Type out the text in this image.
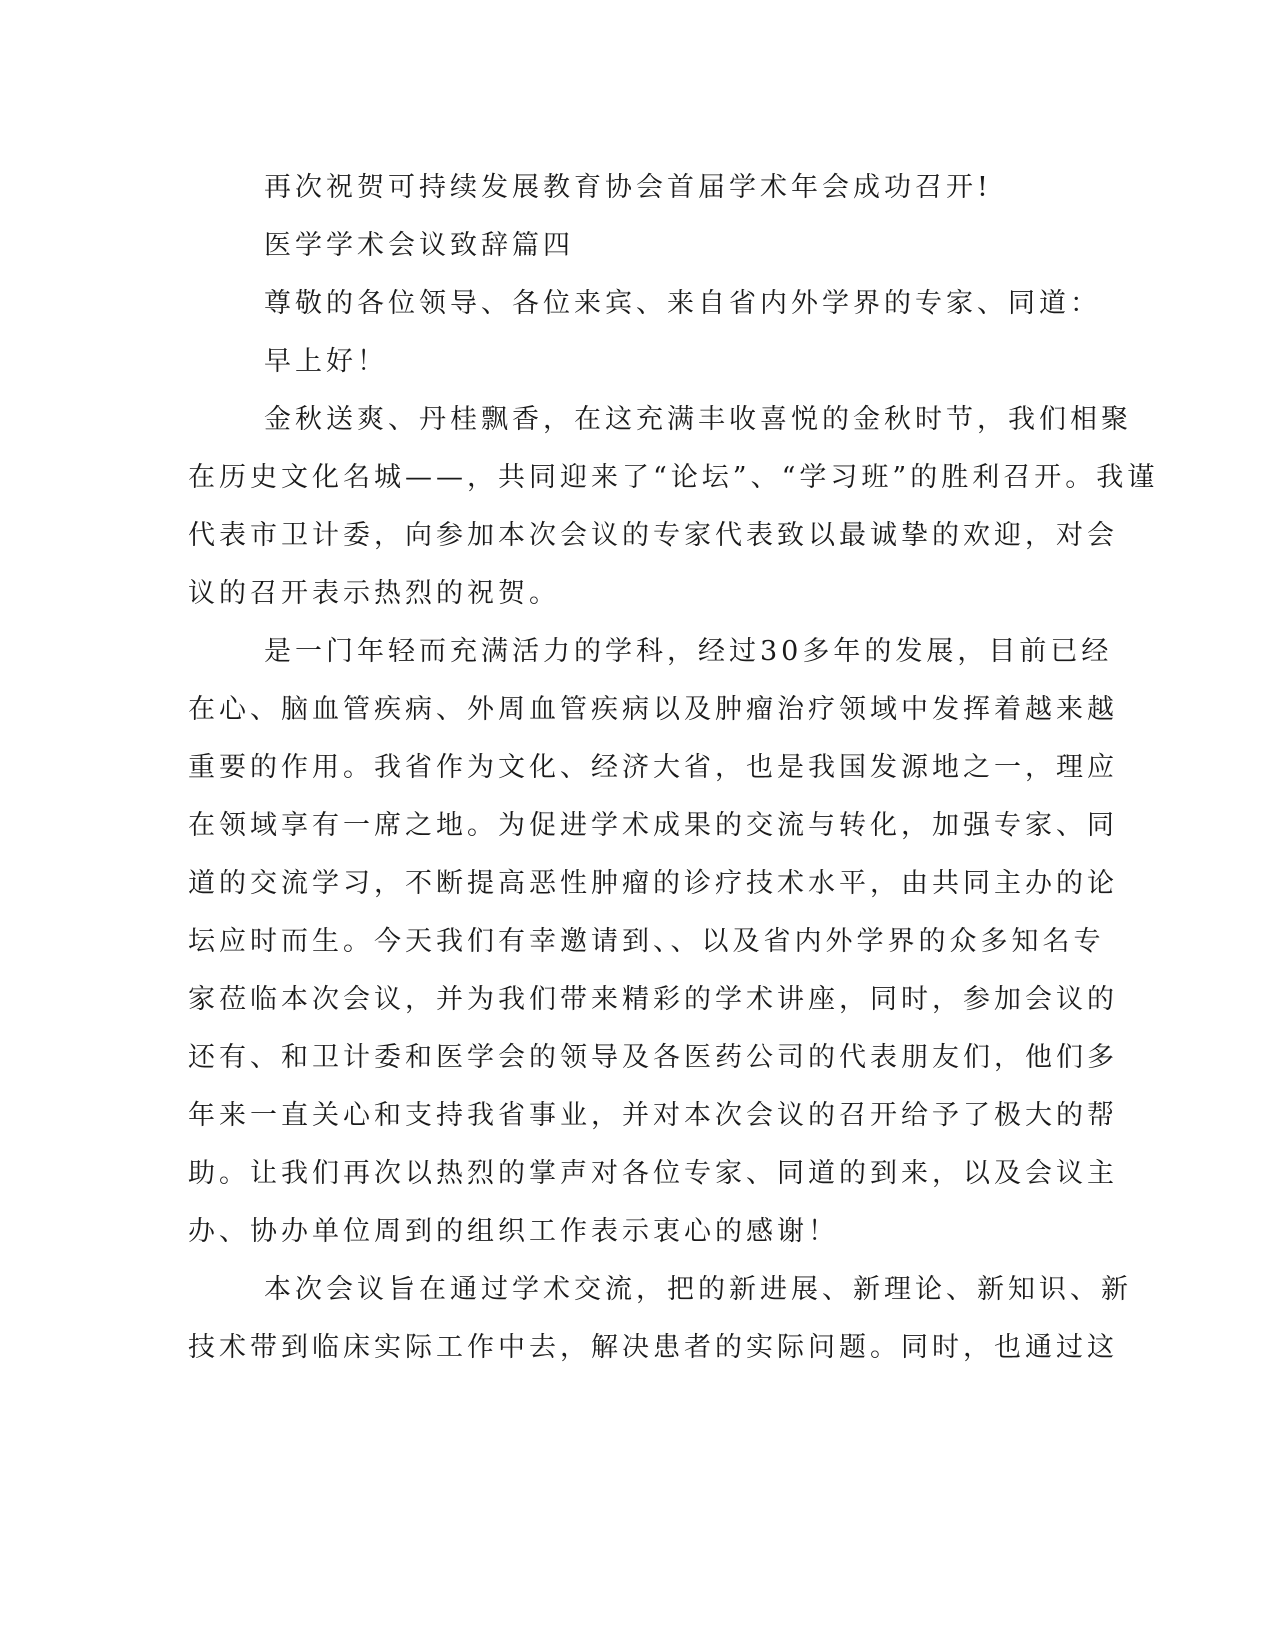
再次祝贺可持续发展教育协会首届学术年会成功召开!
医学学术会议致辞篇四
尊敬的各位领导、各位来宾、来自省内外学界的专家、同道：
早上好！
金秋送爽、丹桂飘香，在这充满丰收喜悦的金秋时节，我们相聚
在历史文化名城——，共同迎来了“论坛”、“学习班”的胜利召开。我谨
代表市卫计委，向参加本次会议的专家代表致以最诚挚的欢迎，对会
议的召开表示热烈的祝贺。
是一门年轻而充满活力的学科，经过30多年的发展，目前已经
在心、脑血管疾病、外周血管疾病以及肿瘤治疗领域中发挥着越来越
重要的作用。我省作为文化、经济大省，也是我国发源地之一，理应
在领域享有一席之地。为促进学术成果的交流与转化，加强专家、同
道的交流学习，不断提高恶性肿瘤的诊疗技术水平，由共同主办的论
坛应时而生。今天我们有幸邀请到、、以及省内外学界的众多知名专
家莅临本次会议，并为我们带来精彩的学术讲座，同时，参加会议的
还有、和卫计委和医学会的领导及各医药公司的代表朋友们，他们多
年来一直关心和支持我省事业，并对本次会议的召开给予了极大的帮
助。让我们再次以热烈的掌声对各位专家、同道的到来，以及会议主
办、协办单位周到的组织工作表示衷心的感谢！
本次会议旨在通过学术交流，把的新进展、新理论、新知识、新
技术带到临床实际工作中去，解决患者的实际问题。同时，也通过这
